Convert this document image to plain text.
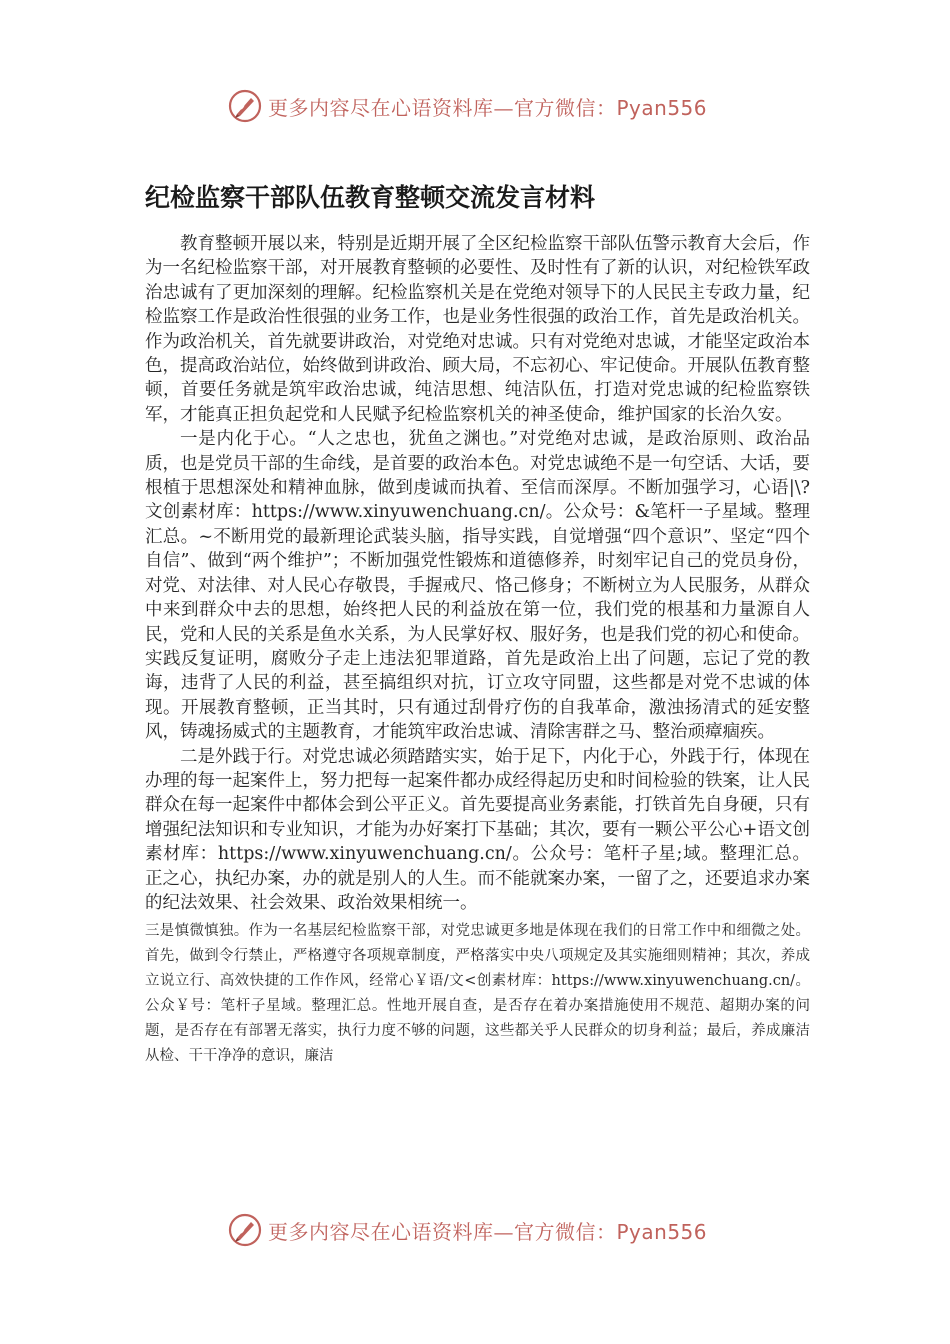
更多内容尽在心语资料库—官方微信：Pyan556
纪检监察干部队伍教育整顿交流发言材料

教育整顿开展以来，特别是近期开展了全区纪检监察干部队伍警示教育大会后，作为一名纪检监察干部，对开展教育整顿的必要性、及时性有了新的认识，对纪检铁军政治忠诚有了更加深刻的理解。纪检监察机关是在党绝对领导下的人民民主专政力量，纪检监察工作是政治性很强的业务工作，也是业务性很强的政治工作，首先是政治机关。作为政治机关，首先就要讲政治，对党绝对忠诚。只有对党绝对忠诚，才能坚定政治本色，提高政治站位，始终做到讲政治、顾大局，不忘初心、牢记使命。开展队伍教育整顿，首要任务就是筑牢政治忠诚，纯洁思想、纯洁队伍，打造对党忠诚的纪检监察铁军，才能真正担负起党和人民赋予纪检监察机关的神圣使命，维护国家的长治久安。

一是内化于心。“人之忠也，犹鱼之渊也。”对党绝对忠诚，是政治原则、政治品质，也是党员干部的生命线，是首要的政治本色。对党忠诚绝不是一句空话、大话，要根植于思想深处和精神血脉，做到虔诚而执着、至信而深厚。不断加强学习，心语|\?文创素材库：https://www.xinyuwenchuang.cn/。公众号：&笔杆一子星域。整理汇总。~不断用党的最新理论武装头脑，指导实践，自觉增强“四个意识”、坚定“四个自信”、做到“两个维护”；不断加强党性锻炼和道德修养，时刻牢记自己的党员身份，对党、对法律、对人民心存敬畏，手握戒尺、恪己修身；不断树立为人民服务，从群众中来到群众中去的思想，始终把人民的利益放在第一位，我们党的根基和力量源自人民，党和人民的关系是鱼水关系，为人民掌好权、服好务，也是我们党的初心和使命。实践反复证明，腐败分子走上违法犯罪道路，首先是政治上出了问题，忘记了党的教诲，违背了人民的利益，甚至搞组织对抗，订立攻守同盟，这些都是对党不忠诚的体现。开展教育整顿，正当其时，只有通过刮骨疗伤的自我革命，激浊扬清式的延安整风，铸魂扬威式的主题教育，才能筑牢政治忠诚、清除害群之马、整治顽瘴痼疾。

二是外践于行。对党忠诚必须踏踏实实，始于足下，内化于心，外践于行，体现在办理的每一起案件上，努力把每一起案件都办成经得起历史和时间检验的铁案，让人民群众在每一起案件中都体会到公平正义。首先要提高业务素能，打铁首先自身硬，只有增强纪法知识和专业知识，才能为办好案打下基础；其次，要有一颗公平公心+语文创素材库：https://www.xinyuwenchuang.cn/。公众号：笔杆子星;域。整理汇总。正之心，执纪办案，办的就是别人的人生。而不能就案办案，一留了之，还要追求办案的纪法效果、社会效果、政治效果相统一。

三是慎微慎独。作为一名基层纪检监察干部，对党忠诚更多地是体现在我们的日常工作中和细微之处。首先，做到令行禁止，严格遵守各项规章制度，严格落实中央八项规定及其实施细则精神；其次，养成立说立行、高效快捷的工作作风，经常心￥语/文<创素材库：https://www.xinyuwenchuang.cn/。公众￥号：笔杆子星域。整理汇总。性地开展自查，是否存在着办案措施使用不规范、超期办案的问题，是否存在有部署无落实，执行力度不够的问题，这些都关乎人民群众的切身利益；最后，养成廉洁从检、干干净净的意识，廉洁

更多内容尽在心语资料库—官方微信：Pyan556
